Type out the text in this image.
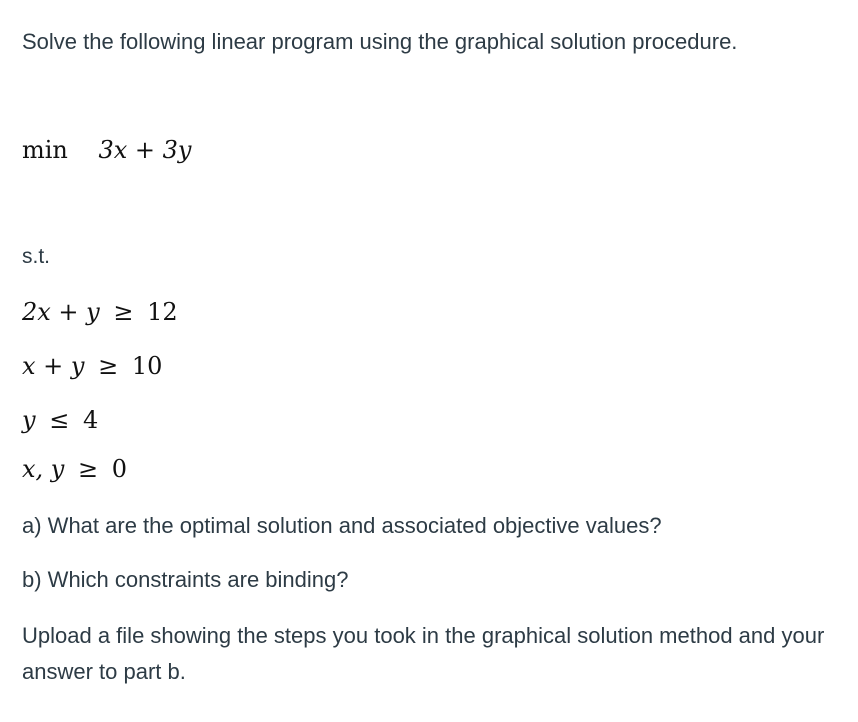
Solve the following linear program using the graphical solution procedure.
min 3x + 3y
s.t.
2x + y ≥ 12
x + y ≥ 10
y ≤ 4
x, y ≥ 0
a) What are the optimal solution and associated objective values?
b) Which constraints are binding?
Upload a file showing the steps you took in the graphical solution method and your answer to part b.
